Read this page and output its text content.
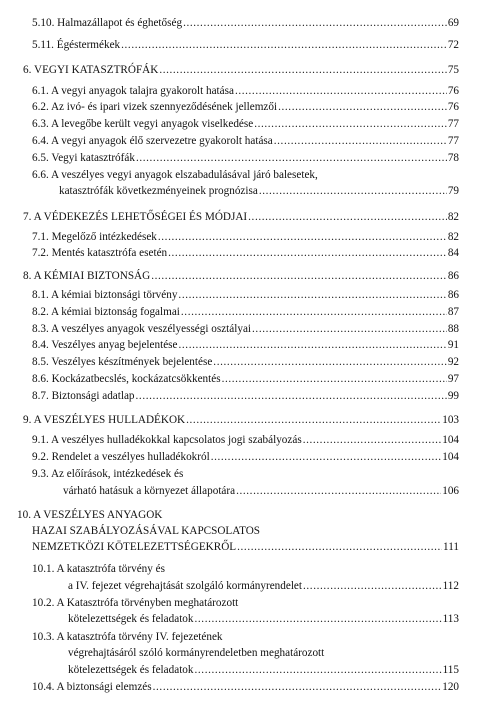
5.10. Halmazállapot és éghetőség .....	69
5.11. Égéstermékek .....	72
6. VEGYI KATASZTRÓFÁK .....	75
6.1. A vegyi anyagok talajra gyakorolt hatása .....	76
6.2. Az ivó- és ipari vizek szennyeződésének jellemzői .....	76
6.3. A levegőbe került vegyi anyagok viselkedése .....	77
6.4. A vegyi anyagok élő szervezetre gyakorolt hatása .....	77
6.5. Vegyi katasztrófák .....	78
6.6. A veszélyes vegyi anyagok elszabadulásával járó balesetek,
katasztrófák következményeinek prognózisa .....	79
7. A VÉDEKEZÉS LEHETŐSÉGEI ÉS MÓDJAI .....	82
7.1. Megelőző intézkedések .....	82
7.2. Mentés katasztrófa esetén .....	84
8. A KÉMIAI BIZTONSÁG .....	86
8.1. A kémiai biztonsági törvény .....	86
8.2. A kémiai biztonság fogalmai .....	87
8.3. A veszélyes anyagok veszélyességi osztályai .....	88
8.4. Veszélyes anyag bejelentése .....	91
8.5. Veszélyes készítmények bejelentése .....	92
8.6. Kockázatbecslés, kockázatcsökkentés .....	97
8.7. Biztonsági adatlap .....	99
9. A VESZÉLYES HULLADÉKOK .....	103
9.1. A veszélyes hulladékokkal kapcsolatos jogi szabályozás .....	104
9.2. Rendelet a veszélyes hulladékokról .....	104
9.3. Az előírások, intézkedések és
várható hatásuk a környezet állapotára .....	106
10. A VESZÉLYES ANYAGOK
HAZAI SZABÁLYOZÁSÁVAL KAPCSOLATOS
NEMZETKÖZI KÖTELEZETTSÉGEKRŐL .....	111
10.1. A katasztrófa törvény és
a IV. fejezet végrehajtását szolgáló kormányrendelet .....	112
10.2. A Katasztrófa törvényben meghatározott
kötelezettségek és feladatok .....	113
10.3. A katasztrófa törvény IV. fejezetének
végrehajtásáról szóló kormányrendeletben meghatározott
kötelezettségek és feladatok .....	115
10.4. A biztonsági elemzés .....	120
